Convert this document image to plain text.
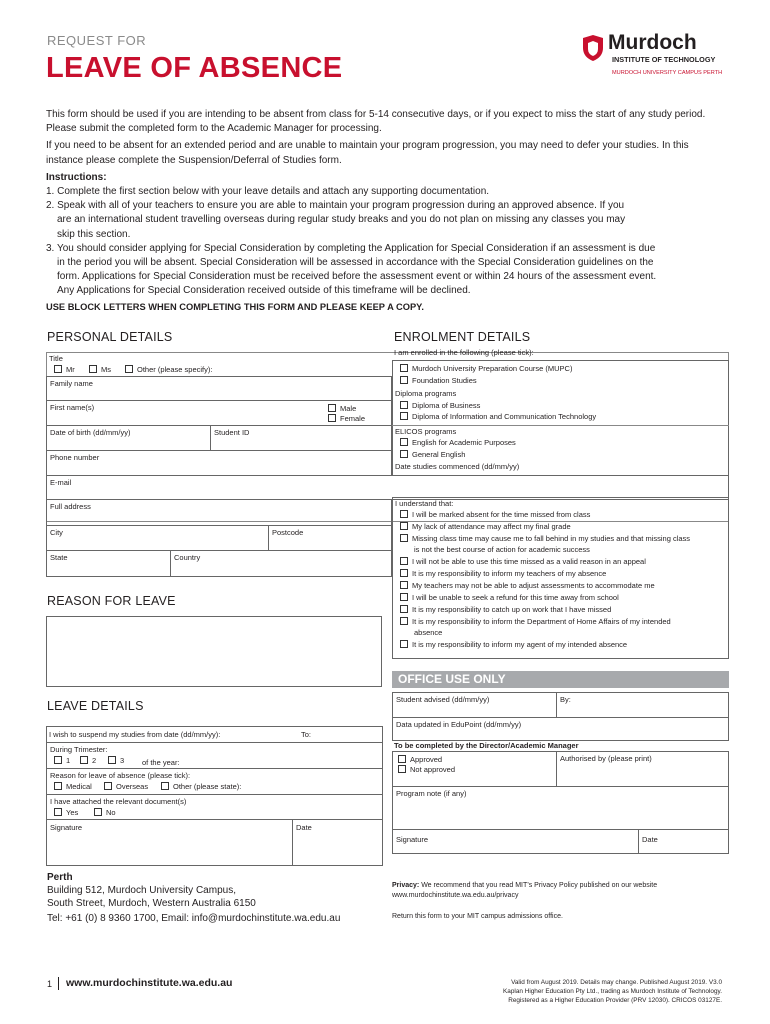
REQUEST FOR
LEAVE OF ABSENCE
Murdoch
INSTITUTE OF TECHNOLOGY
MURDOCH UNIVERSITY CAMPUS PERTH

This form should be used if you are intending to be absent from class for 5-14 consecutive days, or if you expect to miss the start of any study period. Please submit the completed form to the Academic Manager for processing.

If you need to be absent for an extended period and are unable to maintain your program progression, you may need to defer your studies. In this instance please complete the Suspension/Deferral of Studies form.

Instructions:

1. Complete the first section below with your leave details and attach any supporting documentation.

2. Speak with all of your teachers to ensure you are able to maintain your program progression during an approved absence. If you

are an international student travelling overseas during regular study breaks and you do not plan on missing any classes you may

skip this section.

3. You should consider applying for Special Consideration by completing the Application for Special Consideration if an assessment is due

in the period you will be absent. Special Consideration will be assessed in accordance with the Special Consideration guidelines on the

form. Applications for Special Consideration must be received before the assessment event or within 24 hours of the assessment event.

Any Applications for Special Consideration received outside of this timeframe will be declined.

USE BLOCK LETTERS WHEN COMPLETING THIS FORM AND PLEASE KEEP A COPY.

PERSONAL DETAILS
Title
Mr	Ms	Other (please specify):
Family name
First name(s)	Male
Female
Date of birth (dd/mm/yy)	Student ID
Phone number
E-mail
Full address
City	Postcode
State	Country
ENROLMENT DETAILS
I am enrolled in the following (please tick):
Murdoch University Preparation Course (MUPC)
Foundation Studies
Diploma programs
Diploma of Business
Diploma of Information and Communication Technology
ELICOS programs
English for Academic Purposes
General English
Date studies commenced (dd/mm/yy)
I understand that:
I will be marked absent for the time missed from class
My lack of attendance may affect my final grade
Missing class time may cause me to fall behind in my studies and that missing class
is not the best course of action for academic success
I will not be able to use this time missed as a valid reason in an appeal
It is my responsibility to inform my teachers of my absence
My teachers may not be able to adjust assessments to accommodate me
I will be unable to seek a refund for this time away from school
It is my responsibility to catch up on work that I have missed
It is my responsibility to inform the Department of Home Affairs of my intended
absence
It is my responsibility to inform my agent of my intended absence
REASON FOR LEAVE
OFFICE USE ONLY
Student advised (dd/mm/yy)	By:
Data updated in EduPoint (dd/mm/yy)
To be completed by the Director/Academic Manager
Approved
Not approved
Authorised by (please print)
Program note (if any)
Signature	Date
LEAVE DETAILS
I wish to suspend my studies from date (dd/mm/yy):	To:
During Trimester:
1	2	3 of the year:
Reason for leave of absence (please tick):
Medical	Overseas	Other (please state):
I have attached the relevant document(s)
Yes	No
Signature	Date
Perth
Building 512, Murdoch University Campus,
South Street, Murdoch, Western Australia 6150
Tel: +61 (0) 8 9360 1700, Email: info@murdochinstitute.wa.edu.au
Privacy: We recommend that you read MIT’s Privacy Policy published on our website
www.murdochinstitute.wa.edu.au/privacy
Return this form to your MIT campus admissions office.
1 www.murdochinstitute.wa.edu.au	Valid from August 2019. Details may change. Published August 2019. V3.0
Kaplan Higher Education Pty Ltd., trading as Murdoch Institute of Technology.
Registered as a Higher Education Provider (PRV 12030). CRICOS 03127E.
